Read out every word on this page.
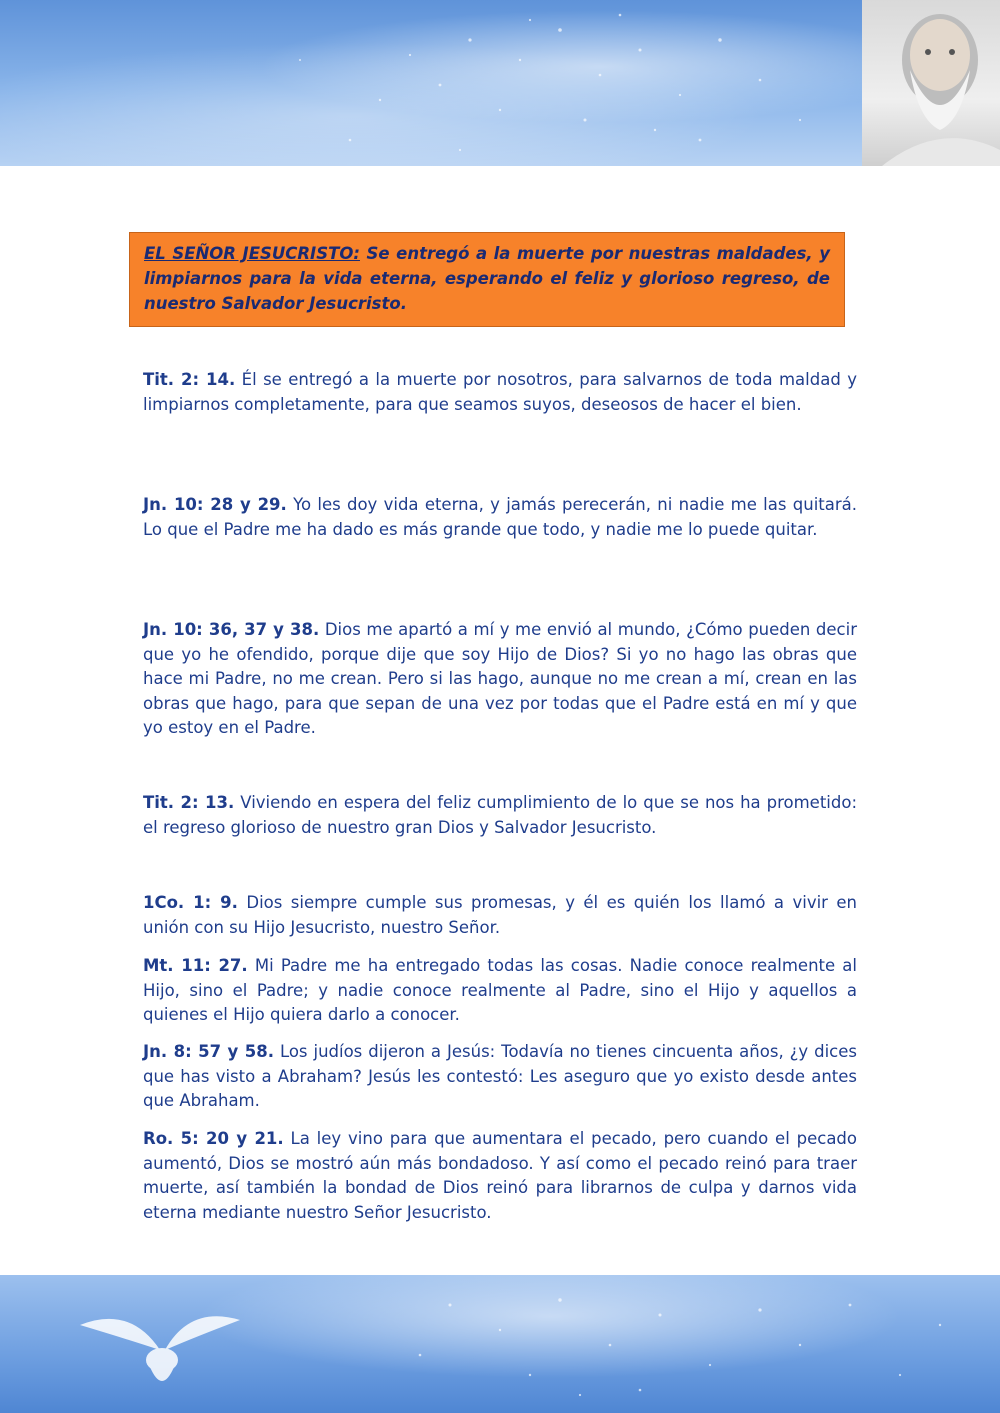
EL SEÑOR JESUCRISTO: Se entregó a la muerte por nuestras maldades, y limpiarnos para la vida eterna, esperando el feliz y glorioso regreso, de nuestro Salvador Jesucristo.

Tit. 2: 14. Él se entregó a la muerte por nosotros, para salvarnos de toda maldad y limpiarnos completamente, para que seamos suyos, deseosos de hacer el bien.

Jn. 10: 28 y 29. Yo les doy vida eterna, y jamás perecerán, ni nadie me las quitará. Lo que el Padre me ha dado es más grande que todo, y nadie me lo puede quitar.

Jn. 10: 36, 37 y 38. Dios me apartó a mí y me envió al mundo, ¿Cómo pueden decir que yo he ofendido, porque dije que soy Hijo de Dios? Si yo no hago las obras que hace mi Padre, no me crean. Pero si las hago, aunque no me crean a mí, crean en las obras que hago, para que sepan de una vez por todas que el Padre está en mí y que yo estoy en el Padre.

Tit. 2: 13. Viviendo en espera del feliz cumplimiento de lo que se nos ha prometido: el regreso glorioso de nuestro gran Dios y Salvador Jesucristo.

1Co. 1: 9. Dios siempre cumple sus promesas, y él es quién los llamó a vivir en unión con su Hijo Jesucristo, nuestro Señor.

Mt. 11: 27. Mi Padre me ha entregado todas las cosas. Nadie conoce realmente al Hijo, sino el Padre; y nadie conoce realmente al Padre, sino el Hijo y aquellos a quienes el Hijo quiera darlo a conocer.

Jn. 8: 57 y 58. Los judíos dijeron a Jesús: Todavía no tienes cincuenta años, ¿y dices que has visto a Abraham? Jesús les contestó: Les aseguro que yo existo desde antes que Abraham.

Ro. 5: 20 y 21. La ley vino para que aumentara el pecado, pero cuando el pecado aumentó, Dios se mostró aún más bondadoso. Y así como el pecado reinó para traer muerte, así también la bondad de Dios reinó para librarnos de culpa y darnos vida eterna mediante nuestro Señor Jesucristo.
